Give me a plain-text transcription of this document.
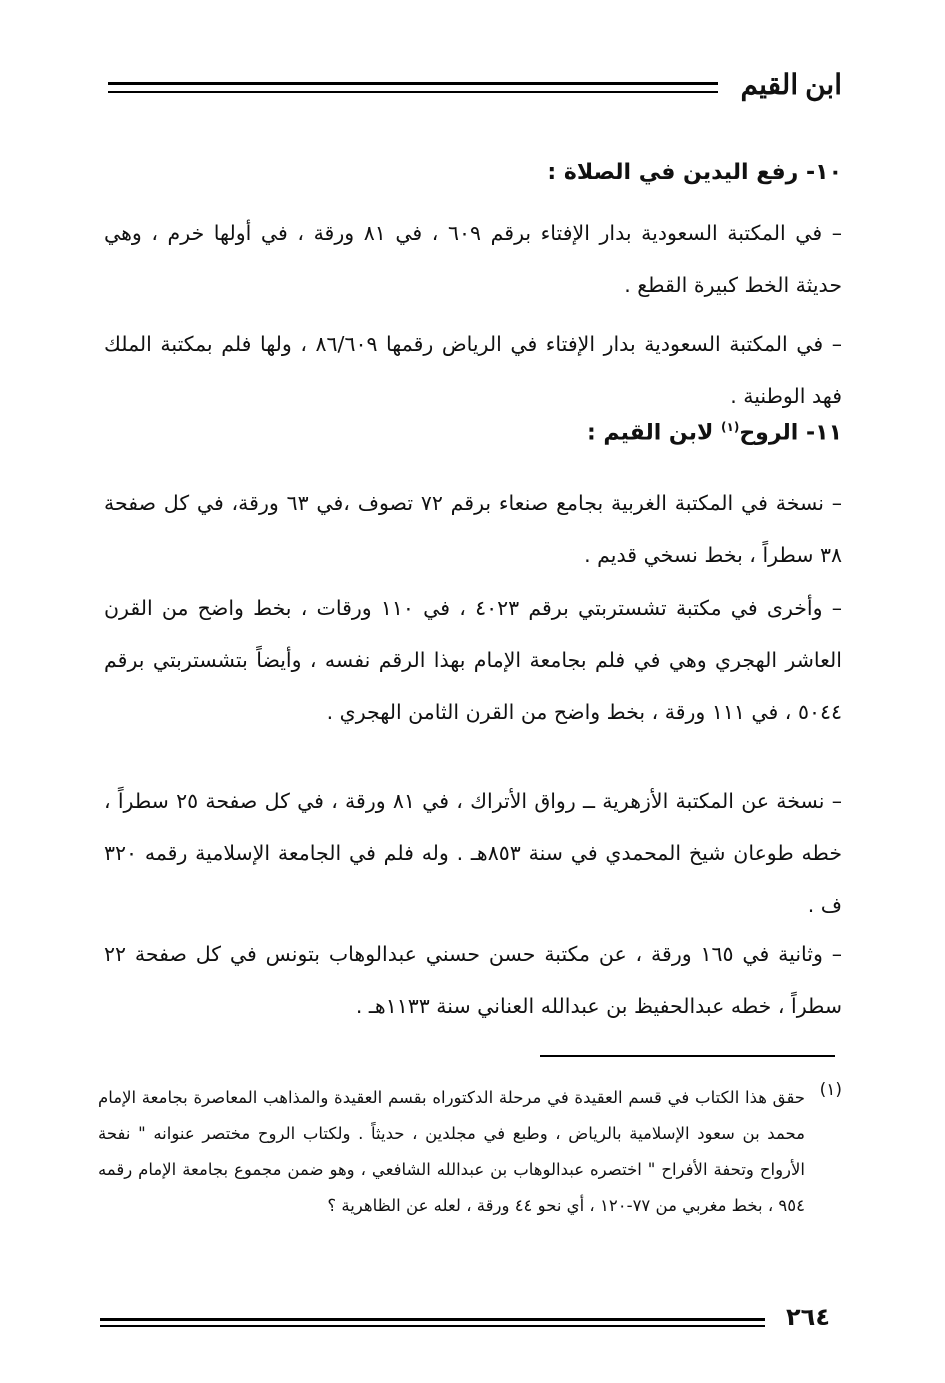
ابن القيم
١٠- رفع اليدين في الصلاة :
– في المكتبة السعودية بدار الإفتاء برقم ٦٠٩ ، في ٨١ ورقة ، في أولها خرم ، وهي حديثة الخط كبيرة القطع .
– في المكتبة السعودية بدار الإفتاء في الرياض رقمها ٨٦/٦٠٩ ، ولها فلم بمكتبة الملك فهد الوطنية .
١١- الروح$^{(١)}$ لابن القيم :
– نسخة في المكتبة الغربية بجامع صنعاء برقم ٧٢ تصوف ،في ٦٣ ورقة، في كل صفحة ٣٨ سطراً ، بخط نسخي قديم .
– وأخرى في مكتبة تشستربتي برقم ٤٠٢٣ ، في ١١٠ ورقات ، بخط واضح من القرن العاشر الهجري وهي في فلم بجامعة الإمام بهذا الرقم نفسه ، وأيضاً بتشستربتي برقم ٥٠٤٤ ، في ١١١ ورقة ، بخط واضح من القرن الثامن الهجري .
– نسخة عن المكتبة الأزهرية ــ رواق الأتراك ، في ٨١ ورقة ، في كل صفحة ٢٥ سطراً ، خطه طوعان شيخ المحمدي في سنة ٨٥٣هـ . وله فلم في الجامعة الإسلامية رقمه ٣٢٠ ف .
– وثانية في ١٦٥ ورقة ، عن مكتبة حسن حسني عبدالوهاب بتونس في كل صفحة ٢٢ سطراً ، خطه عبدالحفيظ بن عبدالله العناني سنة ١١٣٣هـ .
(١)
حقق هذا الكتاب في قسم العقيدة في مرحلة الدكتوراه بقسم العقيدة والمذاهب المعاصرة بجامعة الإمام محمد بن سعود الإسلامية بالرياض ، وطبع في مجلدين ، حديثاً . ولكتاب الروح مختصر عنوانه " نفحة الأرواح وتحفة الأفراح " اختصره عبدالوهاب بن عبدالله الشافعي ، وهو ضمن مجموع بجامعة الإمام رقمه ٩٥٤ ، بخط مغربي من ٧٧-١٢٠ ، أي نحو ٤٤ ورقة ، لعله عن الظاهرية ؟
٢٦٤
